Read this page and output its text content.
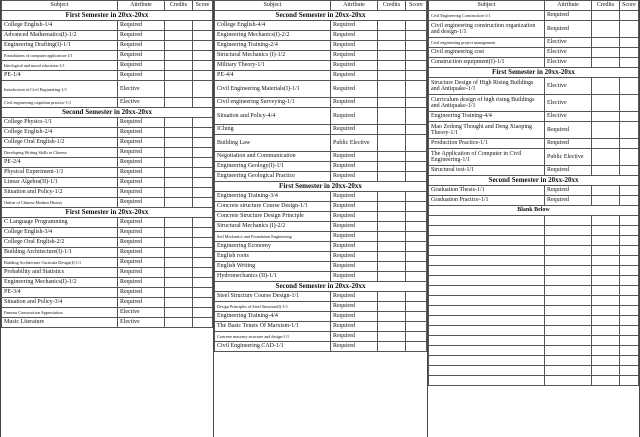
Subject	Attribute	Credits	Score
First Semester in 20xx-20xx			
College English-1/4	Required		
Advanced Mathematics(I)-1/2	Required		
Engineering Drafting(I)-1/1	Required		
Foundations of computer application-1/1	Required		
Ideological and moral education-1/1	Required		
PE-1/4	Required		
Introduction of Civil Engineering-1/1	Elective		
Civil engineering cognition practice-1/1	Elective		
Second Semester in 20xx-20xx			
College Physics-1/1	Required		
College English-2/4	Required		
College Oral English-1/2	Required		
Developing Writing Skills in Chinese	Required		
PE-2/4	Required		
Physical Experiment-1/1	Required		
Linear Algebra(II)-1/1	Required		
Situation and Policy-1/2	Required		
Online of Chinese Modern History	Required		
First Semester in 20xx-20xx			
C Language Programming	Required		
College English-3/4	Required		
College Oral English-2/2	Required		
Building Architecture(I)-1/1	Required		
Building Architecture Curricula Design(I)-1/1	Required		
Probability and Statistics	Required		
Engineering Mechanics(I)-1/2	Required		
PE-3/4	Required		
Situation and Policy-3/4	Required		
Famous Construction Appreciation	Elective		
Music Literature	Elective		
Subject	Attribute	Credits	Score
Second Semester in 20xx-20xx			
College English-4/4	Required		
Engineering Mechanics(I)-2/2	Required		
Engineering Training-2/4	Required		
Structural Mechanics (I)-1/2	Required		
Military Theory-1/1	Required		
PE-4/4	Required		
Civil Engineering Materials(I)-1/1	Required		
Civil engineering Surveying-1/1	Required		
Situation and Policy-4/4	Required		
IChing	Required		
Building Law	Public Elective		
Negotiation and Communication	Required		
Engineering Geology(I)-1/1	Required		
Engineering Geological Practice	Required		
First Semester in 20xx-20xx			
Engineering Training-3/4	Required		
Concrete structure Course Design-1/1	Required		
Concrete Structure Design Principle	Required		
Structural Mechanics (I)-2/2	Required		
Soil Mechanics and Foundation Engineering	Required		
Engineering Economy	Required		
English roots	Required		
English Writing	Required		
Hydromechanics (II)-1/1	Required		
Second Semester in 20xx-20xx			
Steel Structure Course Design-1/1	Required		
Design Principles of Steel Structure(I)-1/1	Required		
Engineering Training-4/4	Required		
The Basic Tenets Of Marxism-1/1	Required		
Concrete masonry structure and design-1/1	Required		
Civil Engineering CAD-1/1	Required		
Subject	Attribute	Credits	Score
Civil Engineering Construction-1/1	Required		
Civil engineering construction organization and design-1/1	Required		
Civil engineering project management	Elective		
Civil engineering cost	Elective		
Construction equipment(I)-1/1	Elective		
First Semester in 20xx-20xx			
Structure Design of High Rising Buildings and Antiquake-1/1	Elective		
Curriculum design of high rising Buildings and Antiquake-1/1	Elective		
Engineering Training-4/4	Elective		
Mao Zedong Thought and Deng Xiaoping Theory-1/1	Required		
Production Practice-1/1	Required		
The Application of Computer in Civil Engineering-1/1	Public Elective		
Structural test-1/1	Required		
Second Semester in 20xx-20xx			
Graduation Thesis-1/1	Required		
Graduation Practice-1/1	Required		
Blank Below			
